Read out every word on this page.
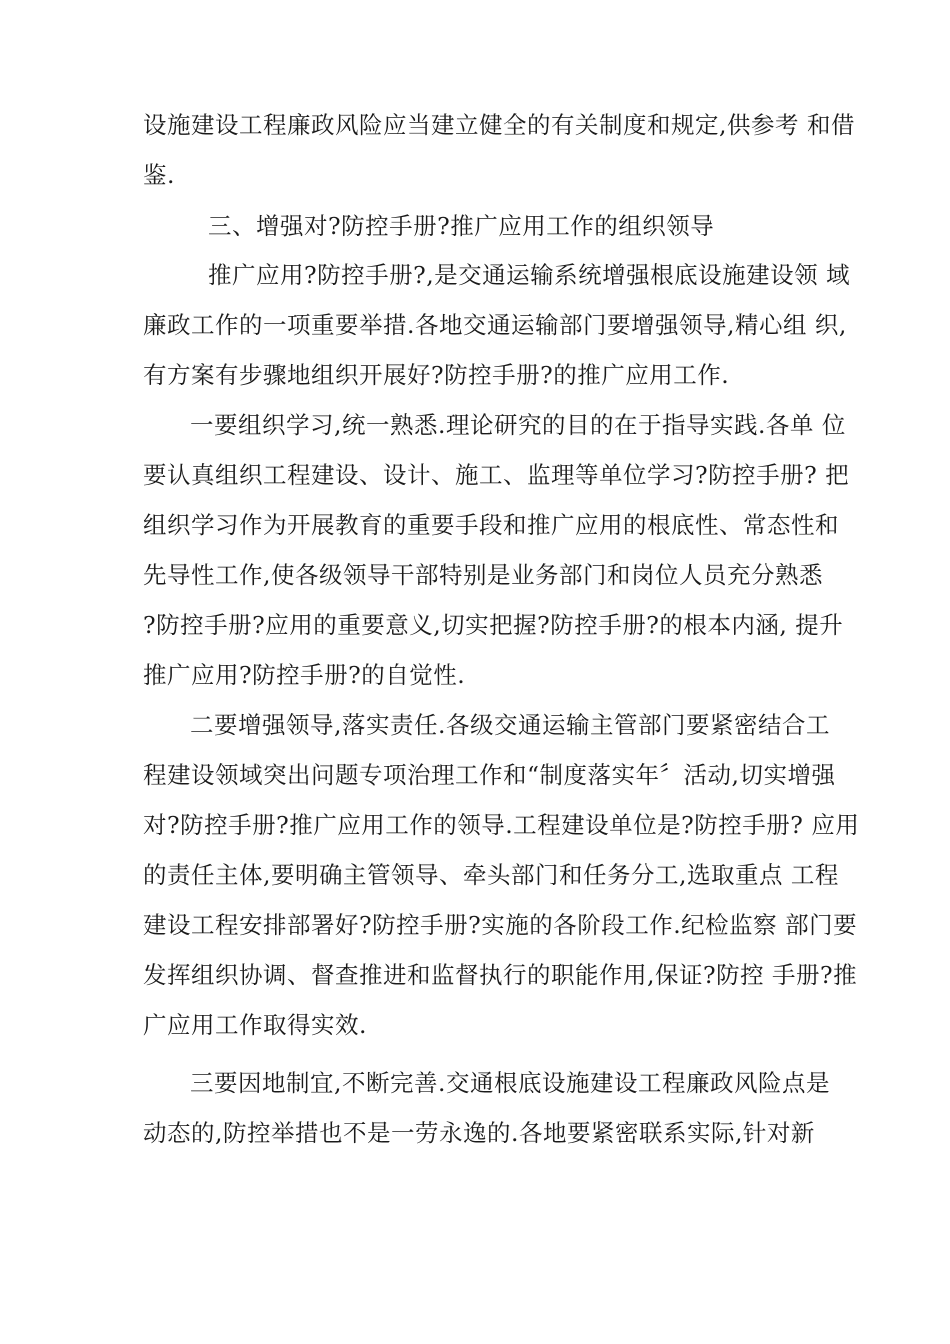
设施建设工程廉政风险应当建立健全的有关制度和规定,供参考 和借
鉴.
三、增强对?防控手册?推广应用工作的组织领导
推广应用?防控手册?,是交通运输系统增强根底设施建设领 域
廉政工作的一项重要举措.各地交通运输部门要增强领导,精心组 织,
有方案有步骤地组织开展好?防控手册?的推广应用工作.
一要组织学习,统一熟悉.理论研究的目的在于指导实践.各单 位
要认真组织工程建设、设计、施工、监理等单位学习?防控手册? 把
组织学习作为开展教育的重要手段和推广应用的根底性、常态性和
先导性工作,使各级领导干部特别是业务部门和岗位人员充分熟悉
?防控手册?应用的重要意义,切实把握?防控手册?的根本内涵, 提升
推广应用?防控手册?的自觉性.
二要增强领导,落实责任.各级交通运输主管部门要紧密结合工
程建设领域突出问题专项治理工作和“制度落实年〞活动,切实增强
对?防控手册?推广应用工作的领导.工程建设单位是?防控手册? 应用
的责任主体,要明确主管领导、牵头部门和任务分工,选取重点 工程
建设工程安排部署好?防控手册?实施的各阶段工作.纪检监察 部门要
发挥组织协调、督查推进和监督执行的职能作用,保证?防控 手册?推
广应用工作取得实效.
三要因地制宜,不断完善.交通根底设施建设工程廉政风险点是
动态的,防控举措也不是一劳永逸的.各地要紧密联系实际,针对新
